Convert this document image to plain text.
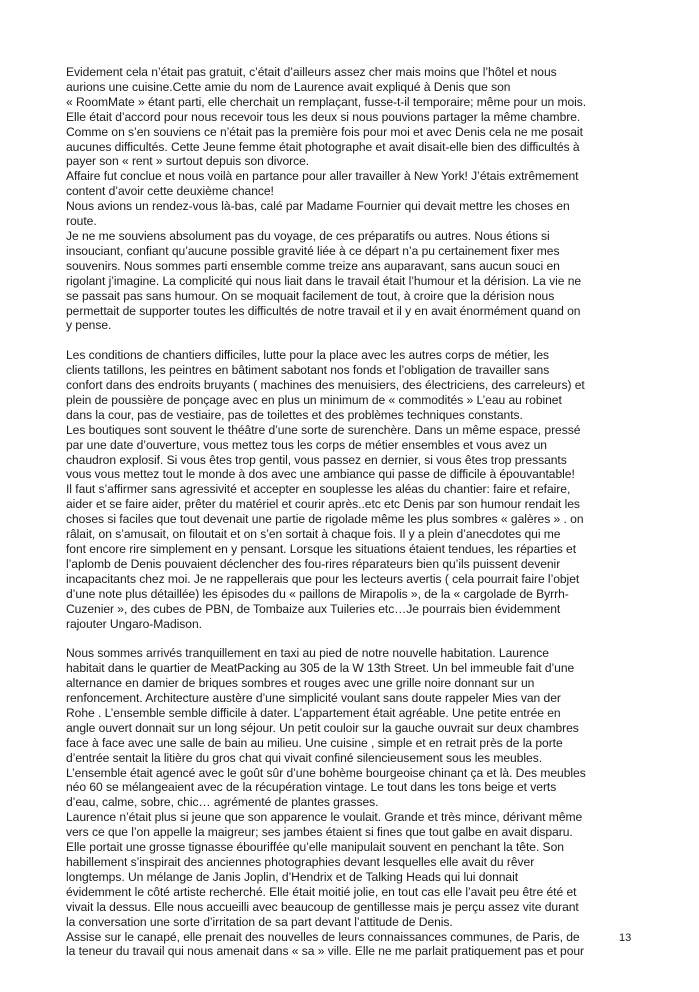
Evidement cela n’était pas gratuit, c’était d’ailleurs assez cher mais moins que l’hôtel et nous

aurions une cuisine.Cette amie du nom de Laurence avait expliqué à Denis que son

« RoomMate » étant parti, elle cherchait un remplaçant, fusse-t-il temporaire; même pour un mois.

Elle était d’accord pour nous recevoir tous les deux si nous pouvions partager la même chambre.

Comme on s’en souviens ce n’était pas la première fois pour moi et avec Denis cela ne me posait

aucunes difficultés. Cette Jeune femme était photographe et avait disait-elle bien des difficultés à

payer son « rent » surtout depuis son divorce.

Affaire fut conclue et nous voilà en partance pour aller travailler à New York! J’étais extrêmement

content d’avoir cette deuxième chance!

Nous avions un rendez-vous là-bas, calé par Madame Fournier qui devait mettre les choses en

route.

Je ne me souviens absolument pas du voyage, de ces préparatifs ou autres. Nous étions si

insouciant, confiant qu’aucune possible gravité liée à ce départ n’a pu certainement fixer mes

souvenirs. Nous sommes parti ensemble comme treize ans auparavant, sans aucun souci en

rigolant j’imagine. La complicité qui nous liait dans le travail était l’humour et la dérision. La vie ne

se passait pas sans humour. On se moquait facilement de tout, à croire que la dérision nous

permettait de supporter toutes les difficultés de notre travail et il y en avait énormément quand on

y pense.

Les conditions de chantiers difficiles, lutte pour la place avec les autres corps de métier, les

clients tatillons, les peintres en bâtiment sabotant nos fonds et l’obligation de travailler sans

confort dans des endroits bruyants ( machines des menuisiers, des électriciens, des carreleurs) et

plein de poussière de ponçage avec en plus un minimum de « commodités » L’eau au robinet

dans la cour, pas de vestiaire, pas de toilettes et des problèmes techniques constants.

Les boutiques sont souvent le théâtre d’une sorte de surenchère. Dans un même espace, pressé

par une date d’ouverture, vous mettez tous les corps de métier ensembles et vous avez un

chaudron explosif. Si vous êtes trop gentil, vous passez en dernier, si vous êtes trop pressants

vous vous mettez tout le monde à dos avec une ambiance qui passe de difficile à épouvantable!

Il faut s’affirmer sans agressivité et accepter en souplesse les aléas du chantier: faire et refaire,

aider et se faire aider, prêter du matériel et courir après..etc etc Denis par son humour rendait les

choses si faciles que tout devenait une partie de rigolade même les plus sombres « galères » . on

râlait, on s’amusait, on filoutait et on s’en sortait à chaque fois. Il y a plein d’anecdotes qui me

font encore rire simplement en y pensant. Lorsque les situations étaient tendues, les réparties et

l’aplomb de Denis pouvaient déclencher des fou-rires réparateurs bien qu’ils puissent devenir

incapacitants chez moi. Je ne rappellerais que pour les lecteurs avertis ( cela pourrait faire l’objet

d’une note plus détaillée) les épisodes du « paillons de Mirapolis », de la « cargolade de Byrrh-

Cuzenier », des cubes de PBN, de Tombaize aux Tuileries etc…Je pourrais bien évidemment

rajouter Ungaro-Madison.

Nous sommes arrivés tranquillement en taxi au pied de notre nouvelle habitation. Laurence

habitait dans le quartier de MeatPacking au 305 de la W 13th Street. Un bel immeuble fait d’une

alternance en damier de briques sombres et rouges avec une grille noire donnant sur un

renfoncement. Architecture austère d’une simplicité voulant sans doute rappeler Mies van der

Rohe . L’ensemble semble difficile à dater. L’appartement était agréable. Une petite entrée en

angle ouvert donnait sur un long séjour. Un petit couloir sur la gauche ouvrait sur deux chambres

face à face avec une salle de bain au milieu. Une cuisine , simple et en retrait près de la porte

d’entrée sentait la litière du gros chat qui vivait confiné silencieusement sous les meubles.

L’ensemble était agencé avec le goût sûr d’une bohème bourgeoise chinant ça et là. Des meubles

néo 60 se mélangeaient avec de la récupération vintage. Le tout dans les tons beige et verts

d’eau, calme, sobre, chic… agrémenté de plantes grasses.

Laurence n’était plus si jeune que son apparence le voulait. Grande et très mince, dérivant même

vers ce que l’on appelle la maigreur; ses jambes étaient si fines que tout galbe en avait disparu.

Elle portait une grosse tignasse ébouriffée qu’elle manipulait souvent en penchant la tête. Son

habillement s’inspirait des anciennes photographies devant lesquelles elle avait du rêver

longtemps. Un mélange de Janis Joplin, d’Hendrix et de Talking Heads qui lui donnait

évidemment le côté artiste recherché. Elle était moitié jolie, en tout cas elle l’avait peu être été et

vivait la dessus. Elle nous accueilli avec beaucoup de gentillesse mais je perçu assez vite durant

la conversation une sorte d’irritation de sa part devant l’attitude de Denis.

Assise sur le canapé, elle prenait des nouvelles de leurs connaissances communes, de Paris, de

la teneur du travail qui nous amenait dans « sa » ville. Elle ne me parlait pratiquement pas et pour

13
